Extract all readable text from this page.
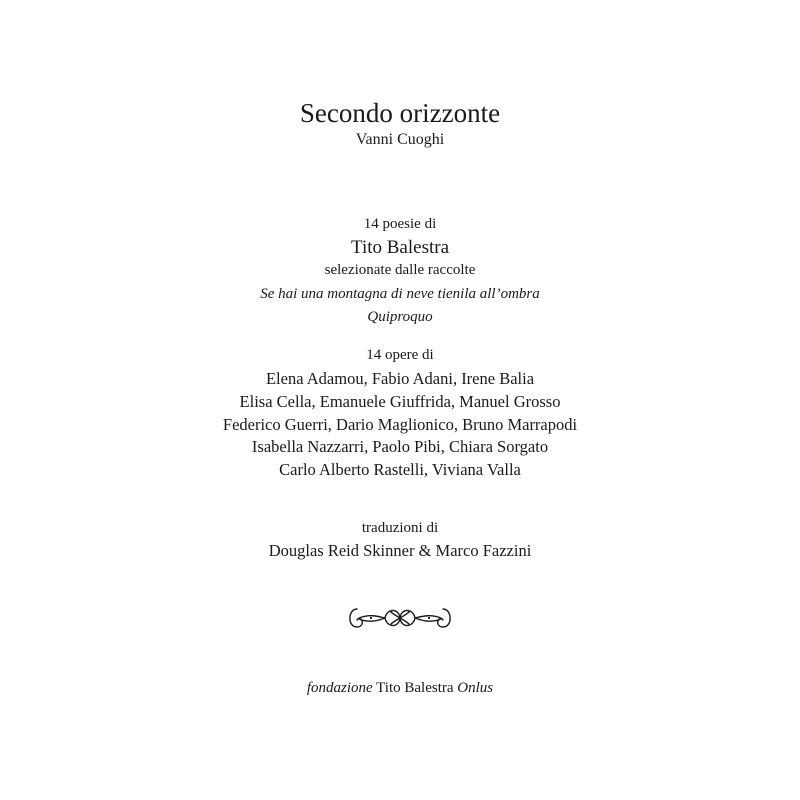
Secondo orizzonte
Vanni Cuoghi
14 poesie di
Tito Balestra
selezionate dalle raccolte
Se hai una montagna di neve tienila all’ombra
Quiproquo
14 opere di
Elena Adamou, Fabio Adani, Irene Balia
Elisa Cella, Emanuele Giuffrida, Manuel Grosso
Federico Guerri, Dario Maglionico, Bruno Marrapodi
Isabella Nazzarri, Paolo Pibi, Chiara Sorgato
Carlo Alberto Rastelli, Viviana Valla
traduzioni di
Douglas Reid Skinner & Marco Fazzini
fondazione Tito Balestra Onlus
